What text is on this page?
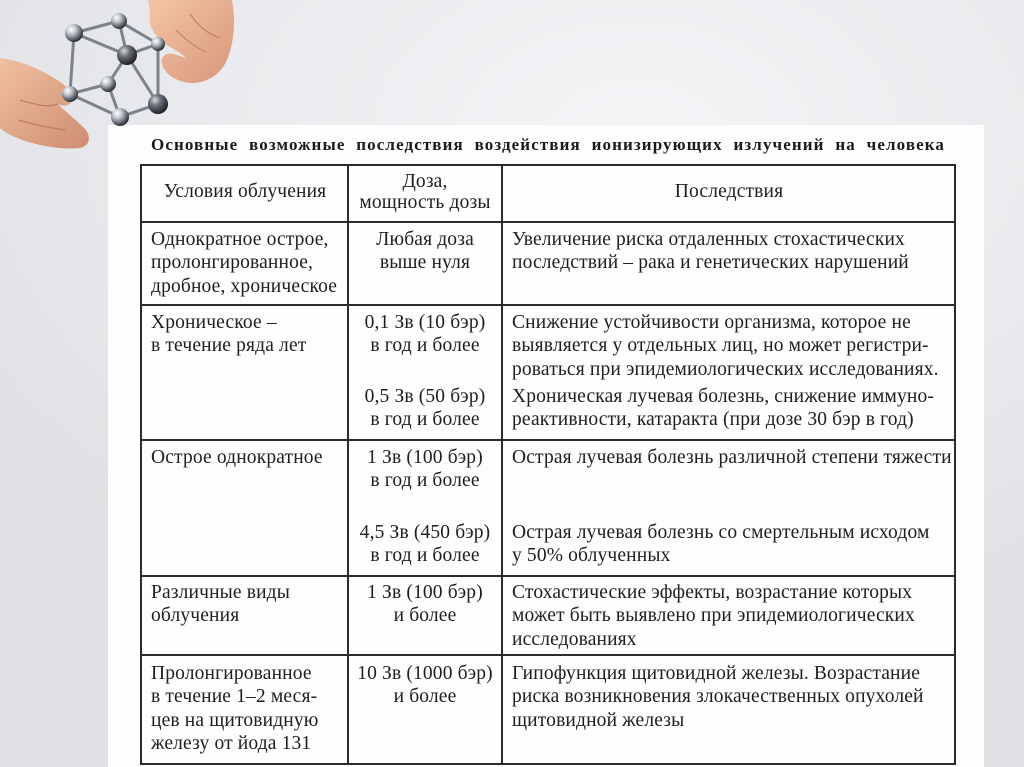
Основные возможные последствия воздействия ионизирующих излучений на человека
Условия облучения	Доза,
мощность дозы
Последствия
Однократное острое,
пролонгированное,
дробное, хроническое
Любая доза
выше нуля
Увеличение риска отдаленных стохастических
последствий – рака и генетических нарушений
Хроническое –
в течение ряда лет
0,1 Зв (10 бэр)
в год и более
0,5 Зв (50 бэр)
в год и более
Снижение устойчивости организма, которое не
выявляется у отдельных лиц, но может регистри-
роваться при эпидемиологических исследованиях.
Хроническая лучевая болезнь, снижение иммуно-
реактивности, катаракта (при дозе 30 бэр в год)
Острое однократное	1 Зв (100 бэр)
в год и более
4,5 Зв (450 бэр)
в год и более
Острая лучевая болезнь различной степени тяжести
Острая лучевая болезнь со смертельным исходом
у 50% облученных
Различные виды
облучения
1 Зв (100 бэр)
и более
Стохастические эффекты, возрастание которых
может быть выявлено при эпидемиологических
исследованиях
Пролонгированное
в течение 1–2 меся-
цев на щитовидную
железу от йода 131
10 Зв (1000 бэр)
и более
Гипофункция щитовидной железы. Возрастание
риска возникновения злокачественных опухолей
щитовидной железы
